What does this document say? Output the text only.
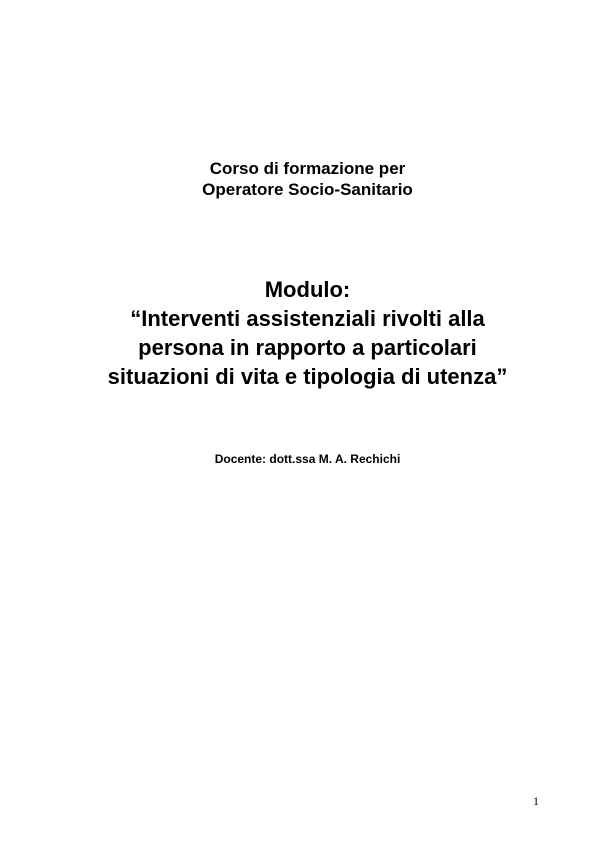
Corso di formazione per
Operatore Socio-Sanitario
Modulo:
“Interventi assistenziali rivolti alla
persona in rapporto a particolari
situazioni di vita e tipologia di utenza”
Docente: dott.ssa M. A. Rechichi
1
